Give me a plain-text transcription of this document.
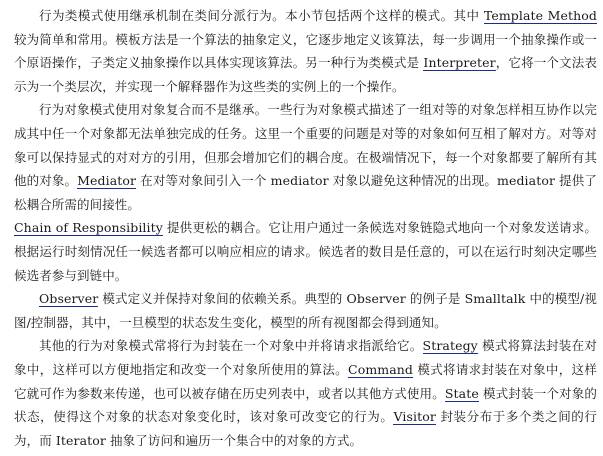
行为类模式使用继承机制在类间分派行为。本小节包括两个这样的模式。其中 Template Method 较为简单和常用。模板方法是一个算法的抽象定义，它逐步地定义该算法，每一步调用一个抽象操作或一个原语操作，子类定义抽象操作以具体实现该算法。另一种行为类模式是 Interpreter，它将一个文法表示为一个类层次，并实现一个解释器作为这些类的实例上的一个操作。

行为对象模式使用对象复合而不是继承。一些行为对象模式描述了一组对等的对象怎样相互协作以完成其中任一个对象都无法单独完成的任务。这里一个重要的问题是对等的对象如何互相了解对方。对等对象可以保持显式的对对方的引用，但那会增加它们的耦合度。在极端情况下，每一个对象都要了解所有其他的对象。Mediator 在对等对象间引入一个 mediator 对象以避免这种情况的出现。mediator 提供了松耦合所需的间接性。

Chain of Responsibility 提供更松的耦合。它让用户通过一条候选对象链隐式地向一个对象发送请求。根据运行时刻情况任一候选者都可以响应相应的请求。候选者的数目是任意的，可以在运行时刻决定哪些候选者参与到链中。

Observer 模式定义并保持对象间的依赖关系。典型的 Observer 的例子是 Smalltalk 中的模型/视图/控制器，其中，一旦模型的状态发生变化，模型的所有视图都会得到通知。

其他的行为对象模式常将行为封装在一个对象中并将请求指派给它。Strategy 模式将算法封装在对象中，这样可以方便地指定和改变一个对象所使用的算法。Command 模式将请求封装在对象中，这样它就可作为参数来传递，也可以被存储在历史列表中，或者以其他方式使用。State 模式封装一个对象的状态，使得这个对象的状态对象变化时，该对象可改变它的行为。Visitor 封装分布于多个类之间的行为，而 Iterator 抽象了访问和遍历一个集合中的对象的方式。
